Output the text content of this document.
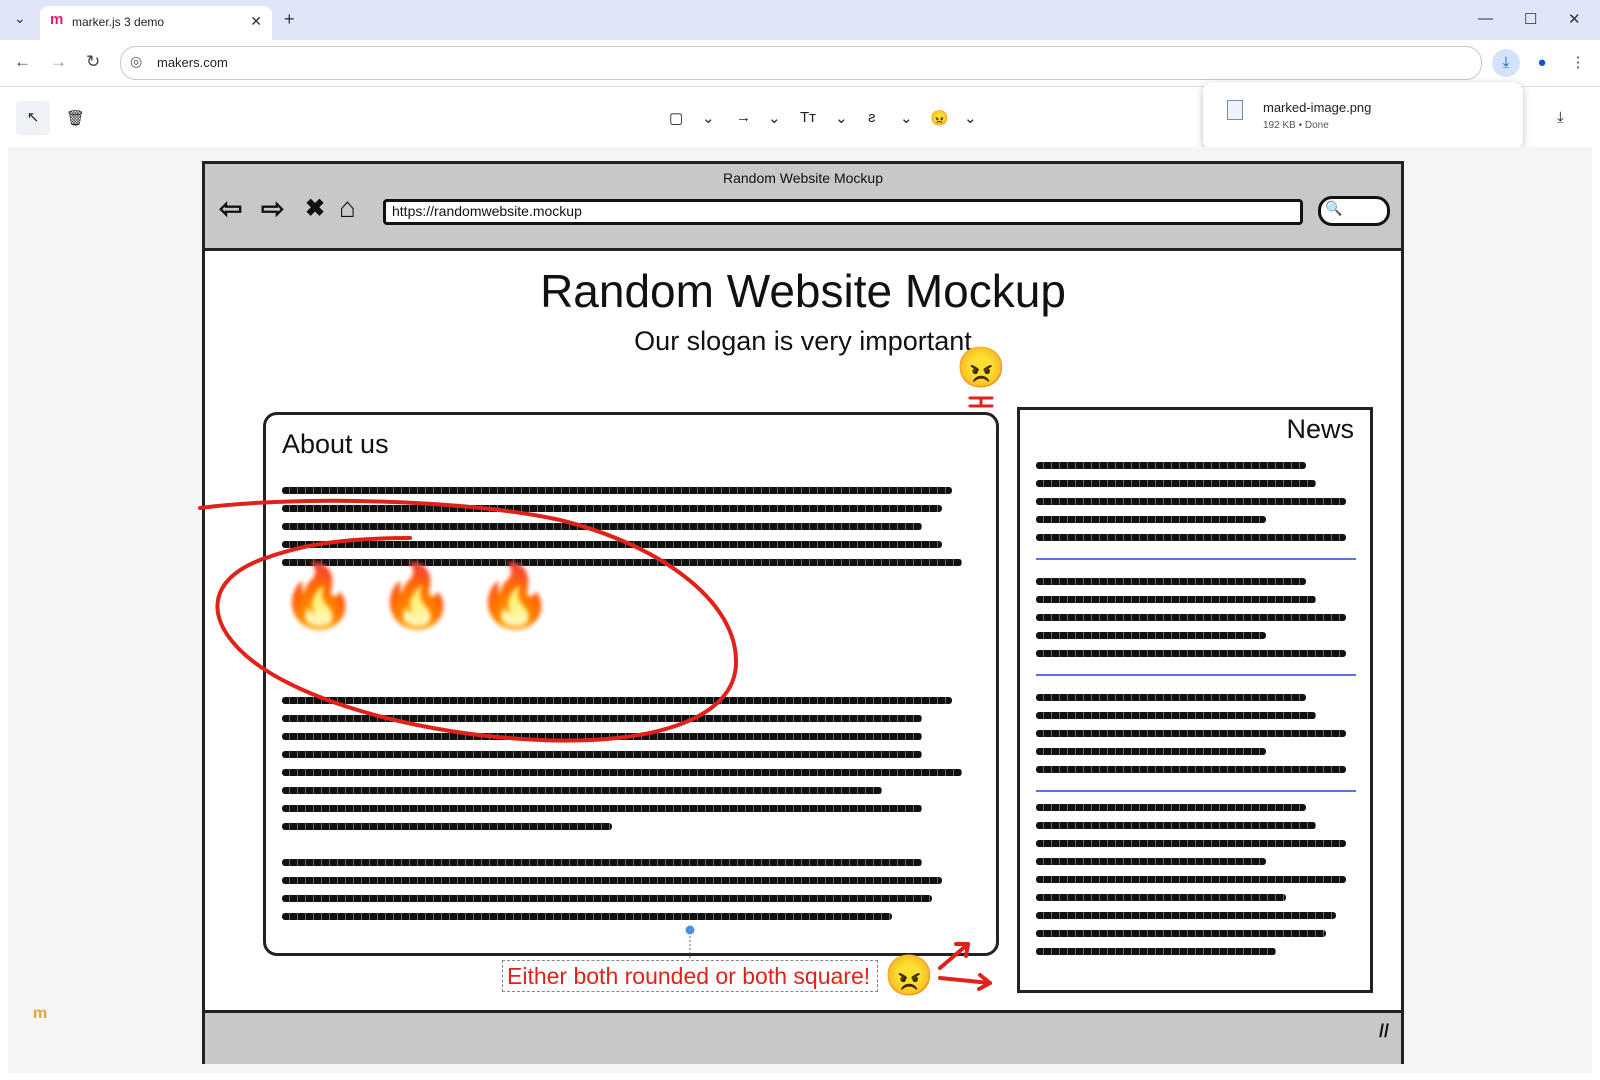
⌄ m marker.js 3 demo	✕ +	— ☐ ✕
← → ↻ ◎ makers.com	⤓	●	⋮
↖	🗑	▢ ⌄ → ⌄ Tт ⌄ ƨ ⌄ 😠 ⌄	⤓
marked-image.png
192 KB • Done
Random Website Mockup
⇦ ⇨ ✖ ⌂	https://randomwebsite.mockup	🔍
Random Website Mockup
Our slogan is very important
About us	News
//
🔥 🔥 🔥
😠
😠
Either both rounded or both square!
m
